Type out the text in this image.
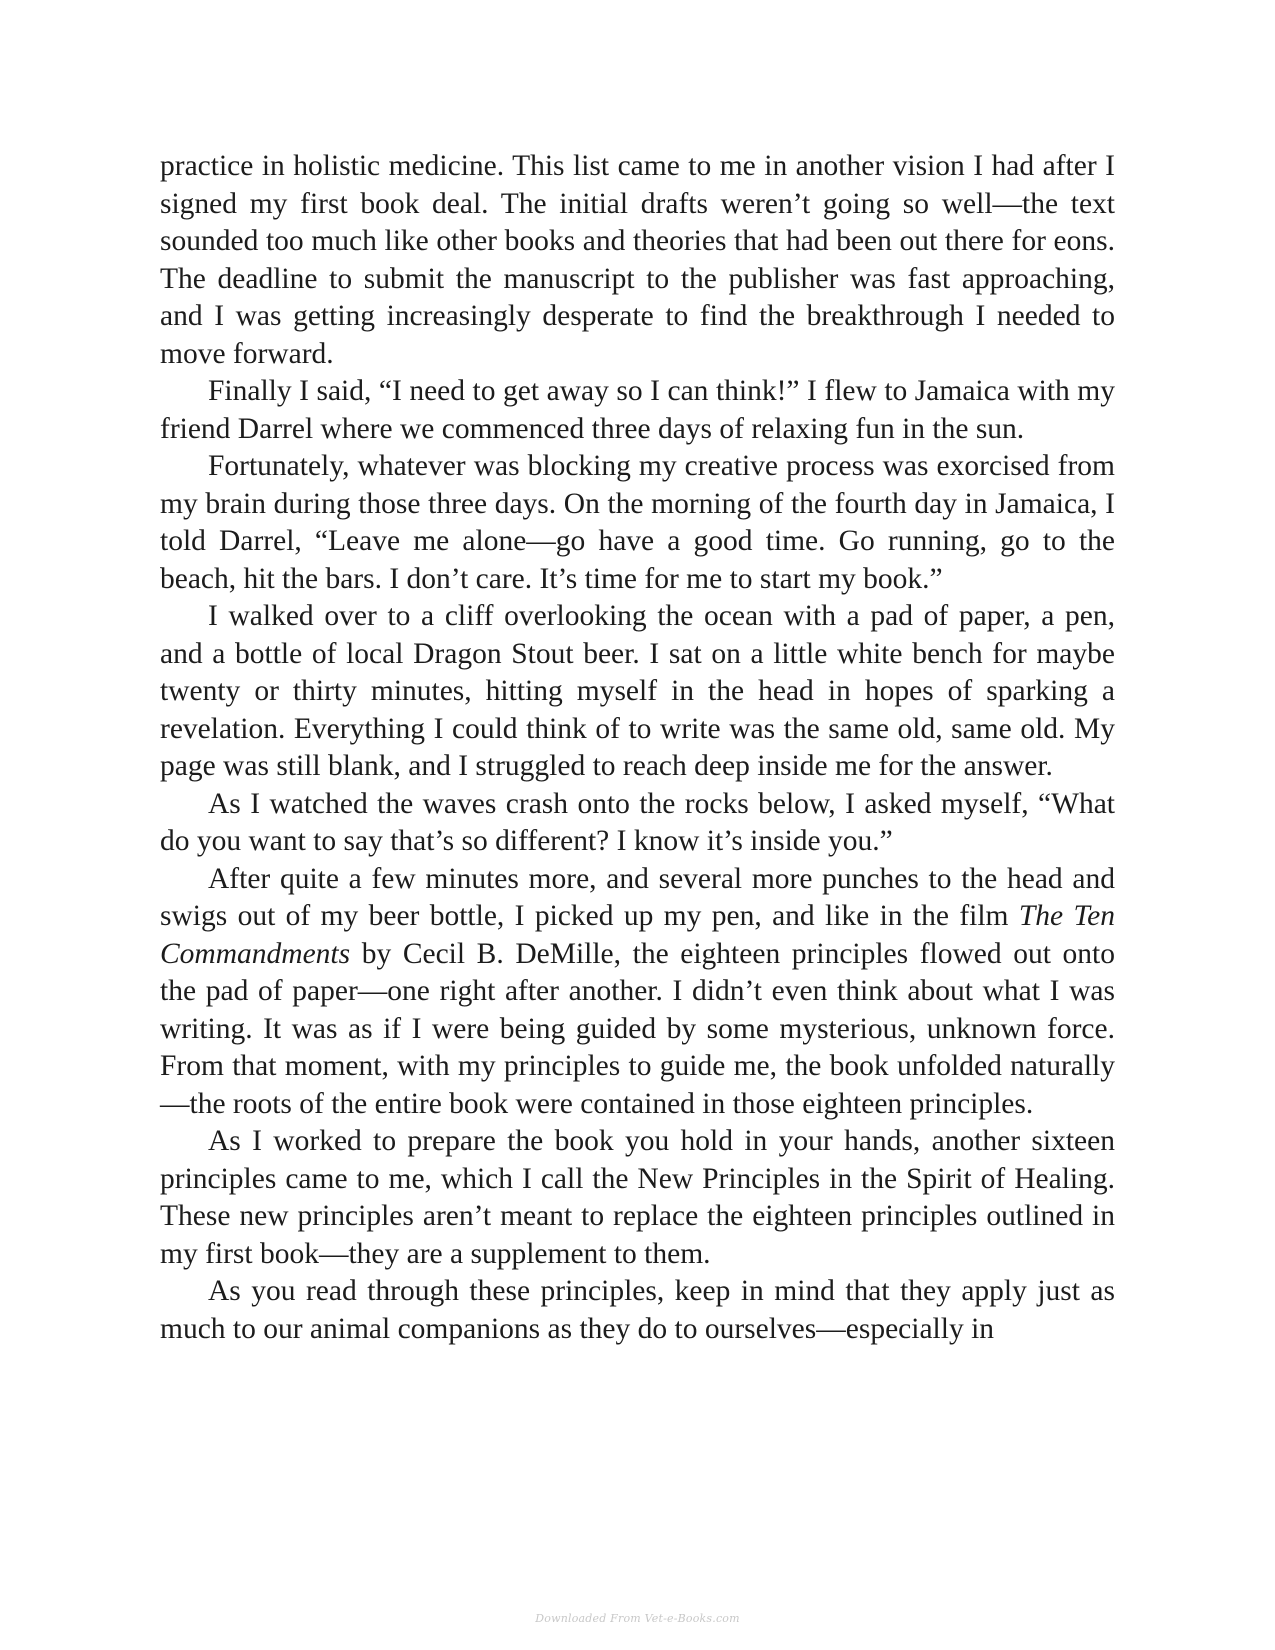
practice in holistic medicine. This list came to me in another vision I had after I signed my first book deal. The initial drafts weren’t going so well—the text sounded too much like other books and theories that had been out there for eons. The deadline to submit the manuscript to the publisher was fast approaching, and I was getting increasingly desperate to find the breakthrough I needed to move forward.

Finally I said, “I need to get away so I can think!” I flew to Jamaica with my friend Darrel where we commenced three days of relaxing fun in the sun.

Fortunately, whatever was blocking my creative process was exorcised from my brain during those three days. On the morning of the fourth day in Jamaica, I told Darrel, “Leave me alone—go have a good time. Go running, go to the beach, hit the bars. I don’t care. It’s time for me to start my book.”

I walked over to a cliff overlooking the ocean with a pad of paper, a pen, and a bottle of local Dragon Stout beer. I sat on a little white bench for maybe twenty or thirty minutes, hitting myself in the head in hopes of sparking a revelation. Everything I could think of to write was the same old, same old. My page was still blank, and I struggled to reach deep inside me for the answer.

As I watched the waves crash onto the rocks below, I asked myself, “What do you want to say that’s so different? I know it’s inside you.”

After quite a few minutes more, and several more punches to the head and swigs out of my beer bottle, I picked up my pen, and like in the film The Ten Commandments by Cecil B. DeMille, the eighteen principles flowed out onto the pad of paper—one right after another. I didn’t even think about what I was writing. It was as if I were being guided by some mysterious, unknown force. From that moment, with my principles to guide me, the book unfolded naturally—the roots of the entire book were contained in those eighteen principles.

As I worked to prepare the book you hold in your hands, another sixteen principles came to me, which I call the New Principles in the Spirit of Healing. These new principles aren’t meant to replace the eighteen principles outlined in my first book—they are a supplement to them.

As you read through these principles, keep in mind that they apply just as much to our animal companions as they do to ourselves—especially in

Downloaded From Vet-e-Books.com
